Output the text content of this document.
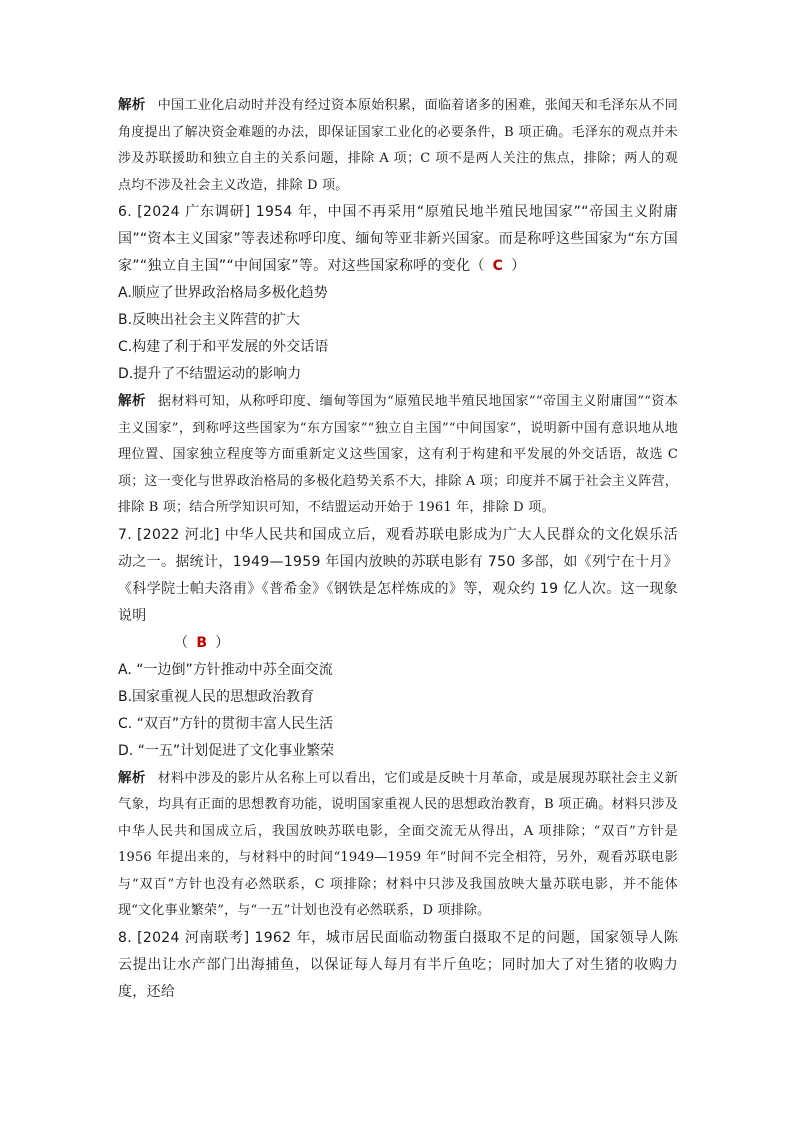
解析 中国工业化启动时并没有经过资本原始积累，面临着诸多的困难，张闻天和毛泽东从不同角度提出了解决资金难题的办法，即保证国家工业化的必要条件，B 项正确。毛泽东的观点并未涉及苏联援助和独立自主的关系问题，排除 A 项；C 项不是两人关注的焦点，排除；两人的观点均不涉及社会主义改造，排除 D 项。

6. [2024 广东调研] 1954 年，中国不再采用“原殖民地半殖民地国家”“帝国主义附庸国”“资本主义国家”等表述称呼印度、缅甸等亚非新兴国家。而是称呼这些国家为“东方国家”“独立自主国”“中间国家”等。对这些国家称呼的变化（ C ）

A.顺应了世界政治格局多极化趋势

B.反映出社会主义阵营的扩大

C.构建了利于和平发展的外交话语

D.提升了不结盟运动的影响力

解析 据材料可知，从称呼印度、缅甸等国为“原殖民地半殖民地国家”“帝国主义附庸国”“资本主义国家”，到称呼这些国家为“东方国家”“独立自主国”“中间国家”，说明新中国有意识地从地理位置、国家独立程度等方面重新定义这些国家，这有利于构建和平发展的外交话语，故选 C 项；这一变化与世界政治格局的多极化趋势关系不大，排除 A 项；印度并不属于社会主义阵营，排除 B 项；结合所学知识可知，不结盟运动开始于 1961 年，排除 D 项。

7. [2022 河北] 中华人民共和国成立后，观看苏联电影成为广大人民群众的文化娱乐活动之一。据统计，1949—1959 年国内放映的苏联电影有 750 多部，如《列宁在十月》《科学院士帕夫洛甫》《普希金》《钢铁是怎样炼成的》等，观众约 19 亿人次。这一现象说明

（ B ）

A. “一边倒”方针推动中苏全面交流

B.国家重视人民的思想政治教育

C. “双百”方针的贯彻丰富人民生活

D. “一五”计划促进了文化事业繁荣

解析 材料中涉及的影片从名称上可以看出，它们或是反映十月革命，或是展现苏联社会主义新气象，均具有正面的思想教育功能，说明国家重视人民的思想政治教育，B 项正确。材料只涉及中华人民共和国成立后，我国放映苏联电影，全面交流无从得出，A 项排除；“双百”方针是 1956 年提出来的，与材料中的时间“1949—1959 年”时间不完全相符，另外，观看苏联电影与“双百”方针也没有必然联系，C 项排除；材料中只涉及我国放映大量苏联电影，并不能体现“文化事业繁荣”，与“一五”计划也没有必然联系，D 项排除。

8. [2024 河南联考] 1962 年，城市居民面临动物蛋白摄取不足的问题，国家领导人陈云提出让水产部门出海捕鱼，以保证每人每月有半斤鱼吃；同时加大了对生猪的收购力度，还给
